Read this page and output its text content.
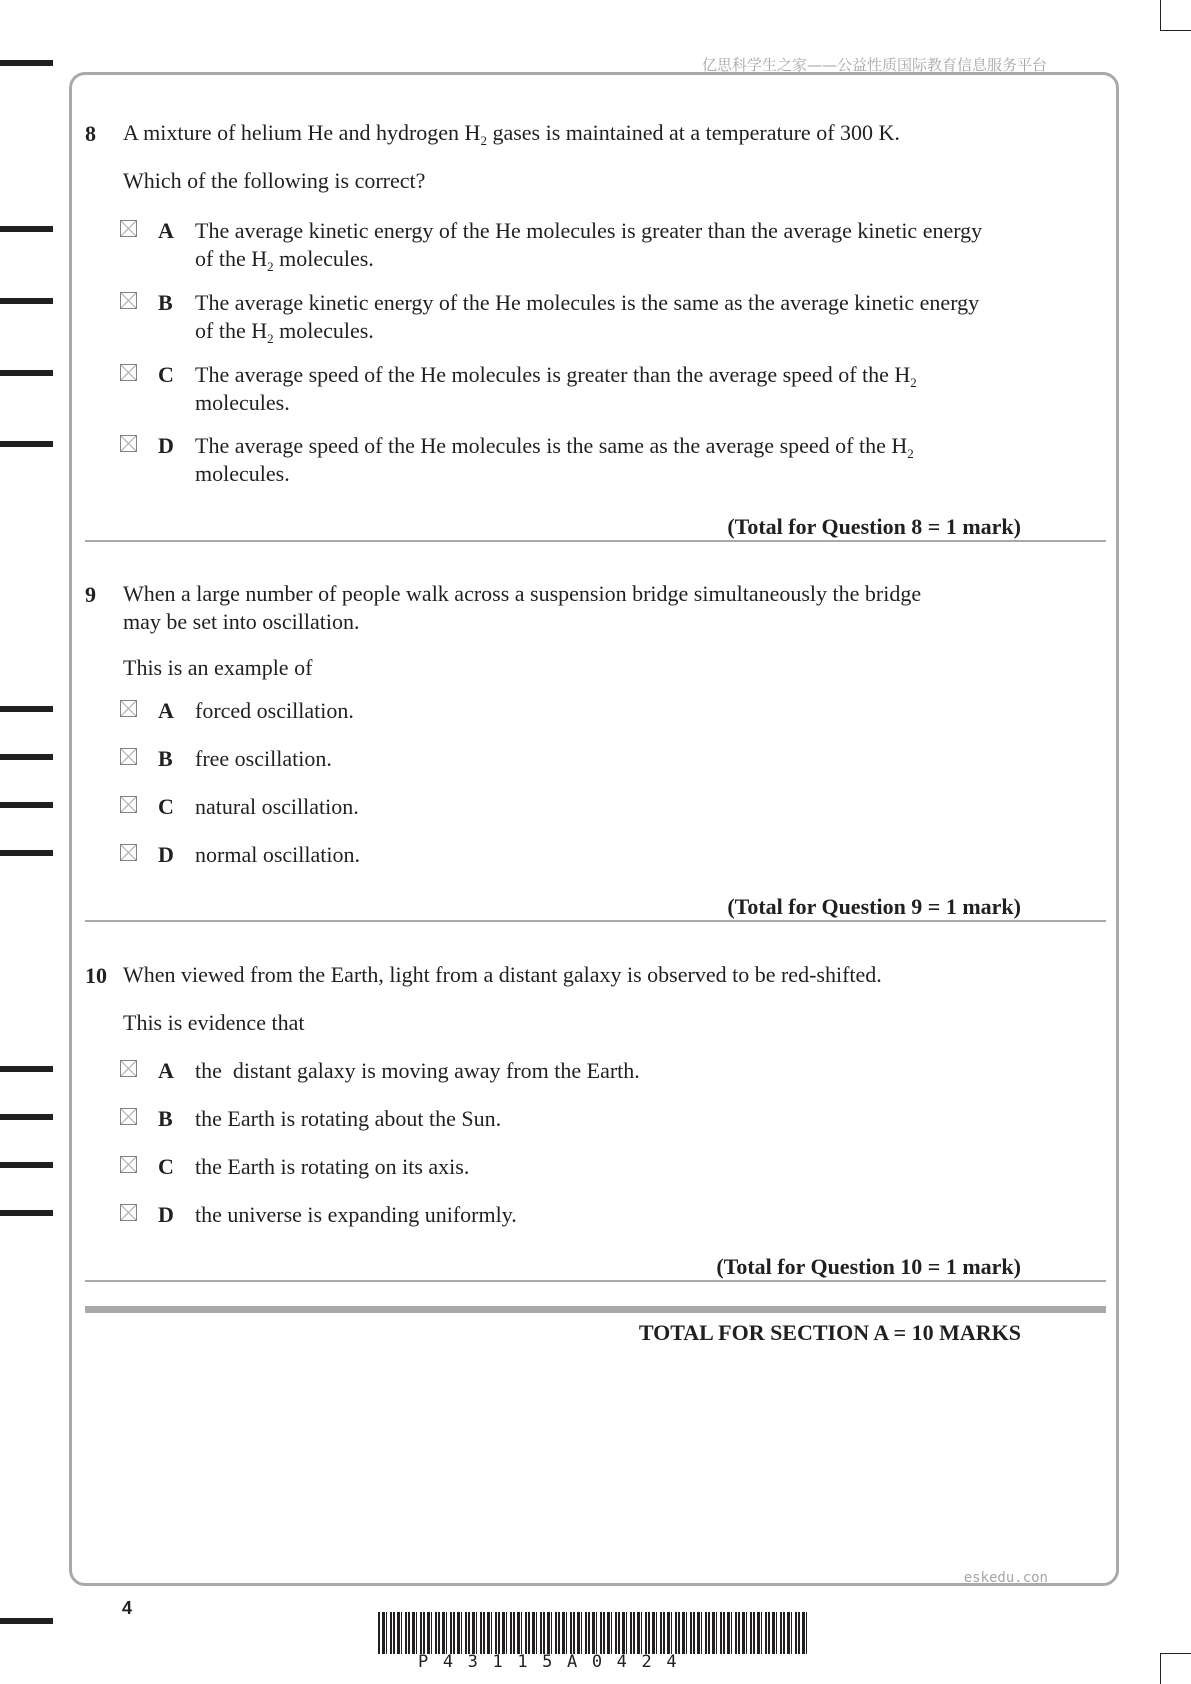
亿思科学生之家——公益性质国际教育信息服务平台
8 A mixture of helium He and hydrogen $H_2$ gases is maintained at a temperature of 300 K.
Which of the following is correct?
A The average kinetic energy of the He molecules is greater than the average kinetic energy of the $H_2$ molecules.
B The average kinetic energy of the He molecules is the same as the average kinetic energy of the $H_2$ molecules.
C The average speed of the He molecules is greater than the average speed of the $H_2$ molecules.
D The average speed of the He molecules is the same as the average speed of the $H_2$ molecules.
(Total for Question 8 = 1 mark)
9 When a large number of people walk across a suspension bridge simultaneously the bridge may be set into oscillation.
This is an example of
A forced oscillation.
B free oscillation.
C natural oscillation.
D normal oscillation.
(Total for Question 9 = 1 mark)
10 When viewed from the Earth, light from a distant galaxy is observed to be red-shifted.
This is evidence that
A the  distant galaxy is moving away from the Earth.
B the Earth is rotating about the Sun.
C the Earth is rotating on its axis.
D the universe is expanding uniformly.
(Total for Question 10 = 1 mark)
TOTAL FOR SECTION A = 10 MARKS
eskedu.con
4
P43115A0424
